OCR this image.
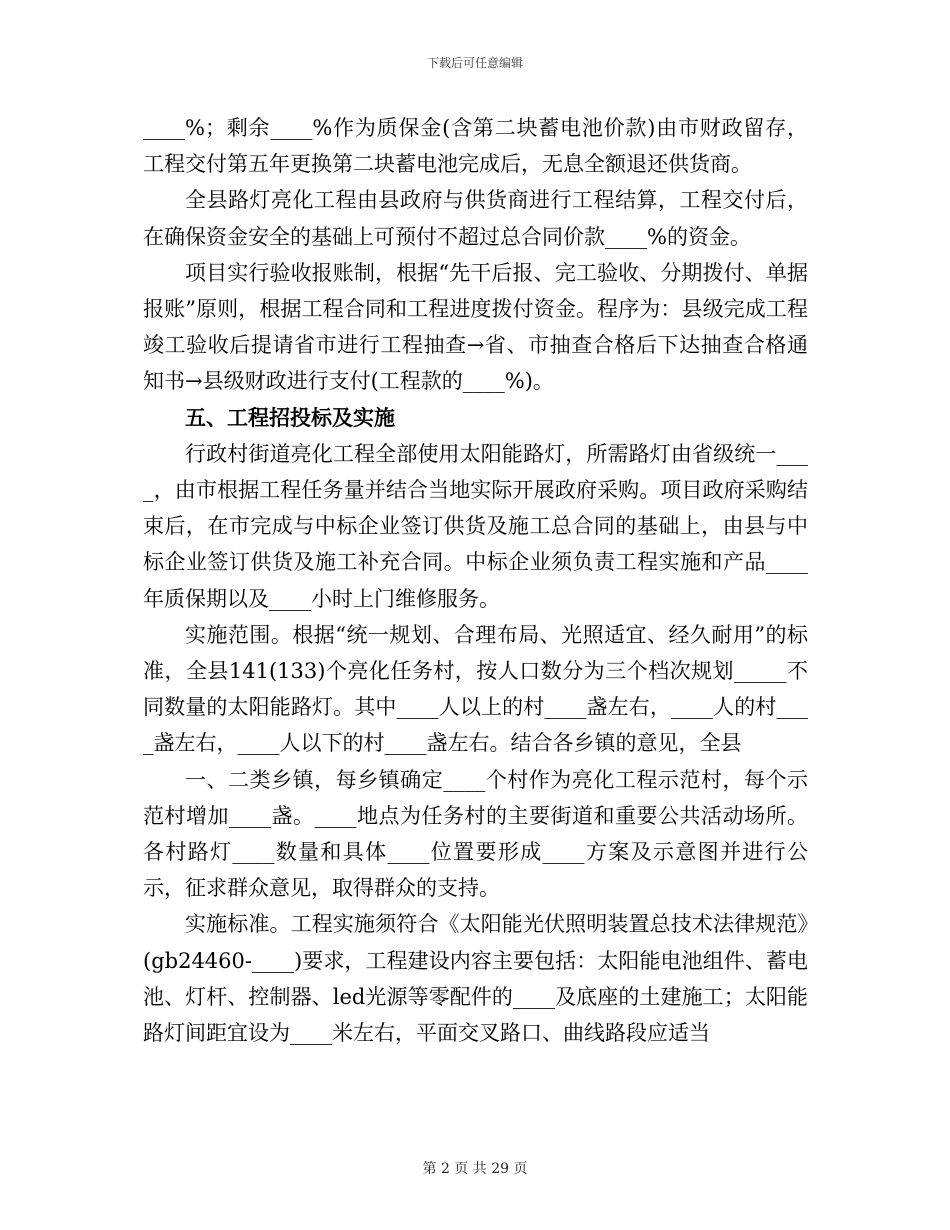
下载后可任意编辑

____%；剩余____%作为质保金(含第二块蓄电池价款)由市财政留存，工程交付第五年更换第二块蓄电池完成后，无息全额退还供货商。

全县路灯亮化工程由县政府与供货商进行工程结算，工程交付后，在确保资金安全的基础上可预付不超过总合同价款____%的资金。

项目实行验收报账制，根据“先干后报、完工验收、分期拨付、单据报账”原则，根据工程合同和工程进度拨付资金。程序为：县级完成工程竣工验收后提请省市进行工程抽查→省、市抽查合格后下达抽查合格通知书→县级财政进行支付(工程款的____%)。

五、工程招投标及实施

行政村街道亮化工程全部使用太阳能路灯，所需路灯由省级统一____，由市根据工程任务量并结合当地实际开展政府采购。项目政府采购结束后，在市完成与中标企业签订供货及施工总合同的基础上，由县与中标企业签订供货及施工补充合同。中标企业须负责工程实施和产品____年质保期以及____小时上门维修服务。

实施范围。根据“统一规划、合理布局、光照适宜、经久耐用”的标准，全县141(133)个亮化任务村，按人口数分为三个档次规划_____不同数量的太阳能路灯。其中____人以上的村____盏左右，____人的村____盏左右，____人以下的村____盏左右。结合各乡镇的意见，全县

一、二类乡镇，每乡镇确定____个村作为亮化工程示范村，每个示范村增加____盏。____地点为任务村的主要街道和重要公共活动场所。各村路灯____数量和具体____位置要形成____方案及示意图并进行公示，征求群众意见，取得群众的支持。

实施标准。工程实施须符合《太阳能光伏照明装置总技术法律规范》(gb24460-____)要求，工程建设内容主要包括：太阳能电池组件、蓄电池、灯杆、控制器、led光源等零配件的____及底座的土建施工；太阳能路灯间距宜设为____米左右，平面交叉路口、曲线路段应适当

第 2 页 共 29 页
